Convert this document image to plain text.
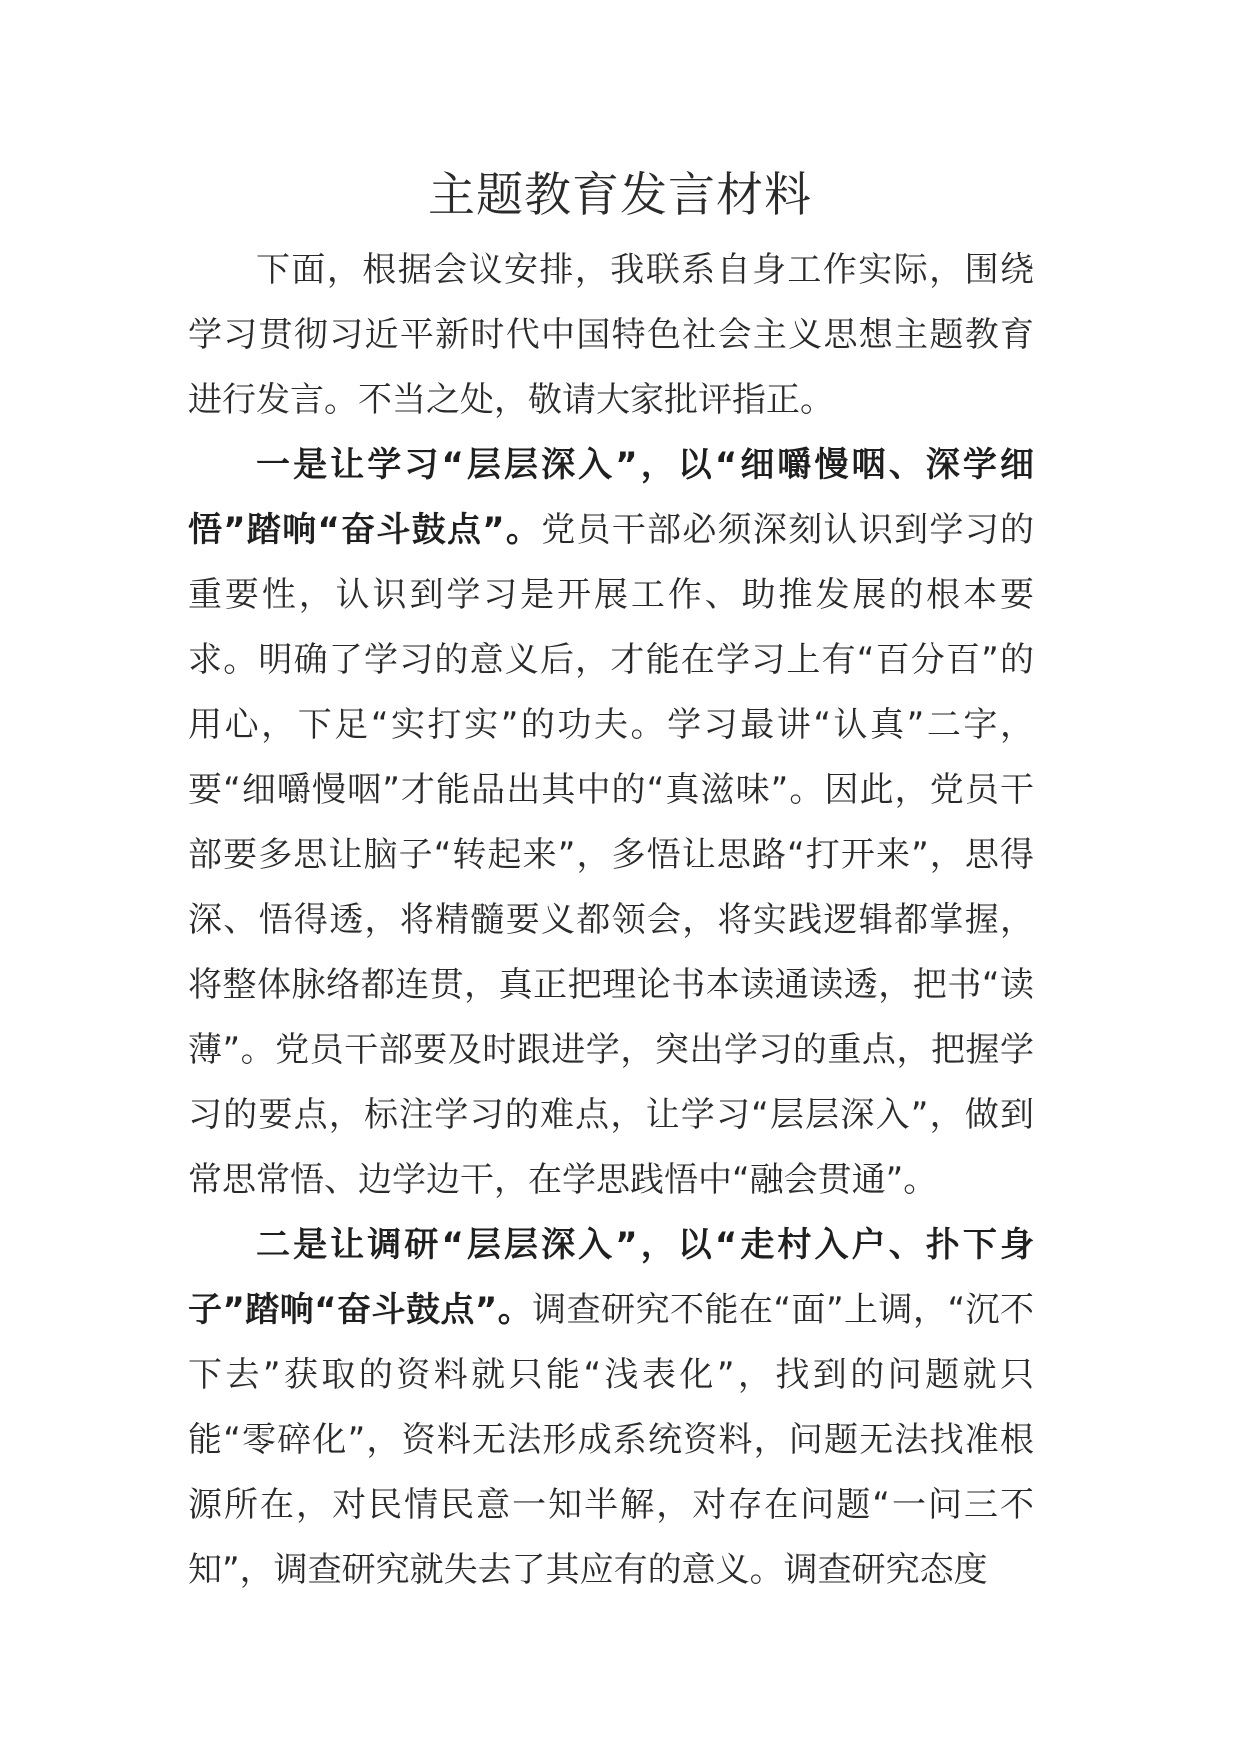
主题教育发言材料

下面，根据会议安排，我联系自身工作实际，围绕学习贯彻习近平新时代中国特色社会主义思想主题教育进行发言。不当之处，敬请大家批评指正。

一是让学习“层层深入”，以“细嚼慢咽、深学细悟”踏响“奋斗鼓点”。党员干部必须深刻认识到学习的重要性，认识到学习是开展工作、助推发展的根本要求。明确了学习的意义后，才能在学习上有“百分百”的用心，下足“实打实”的功夫。学习最讲“认真”二字，要“细嚼慢咽”才能品出其中的“真滋味”。因此，党员干部要多思让脑子“转起来”，多悟让思路“打开来”，思得深、悟得透，将精髓要义都领会，将实践逻辑都掌握，将整体脉络都连贯，真正把理论书本读通读透，把书“读薄”。党员干部要及时跟进学，突出学习的重点，把握学习的要点，标注学习的难点，让学习“层层深入”，做到常思常悟、边学边干，在学思践悟中“融会贯通”。

二是让调研“层层深入”，以“走村入户、扑下身子”踏响“奋斗鼓点”。调查研究不能在“面”上调，“沉不下去”获取的资料就只能“浅表化”，找到的问题就只能“零碎化”，资料无法形成系统资料，问题无法找准根源所在，对民情民意一知半解，对存在问题“一问三不知”，调查研究就失去了其应有的意义。调查研究态度
